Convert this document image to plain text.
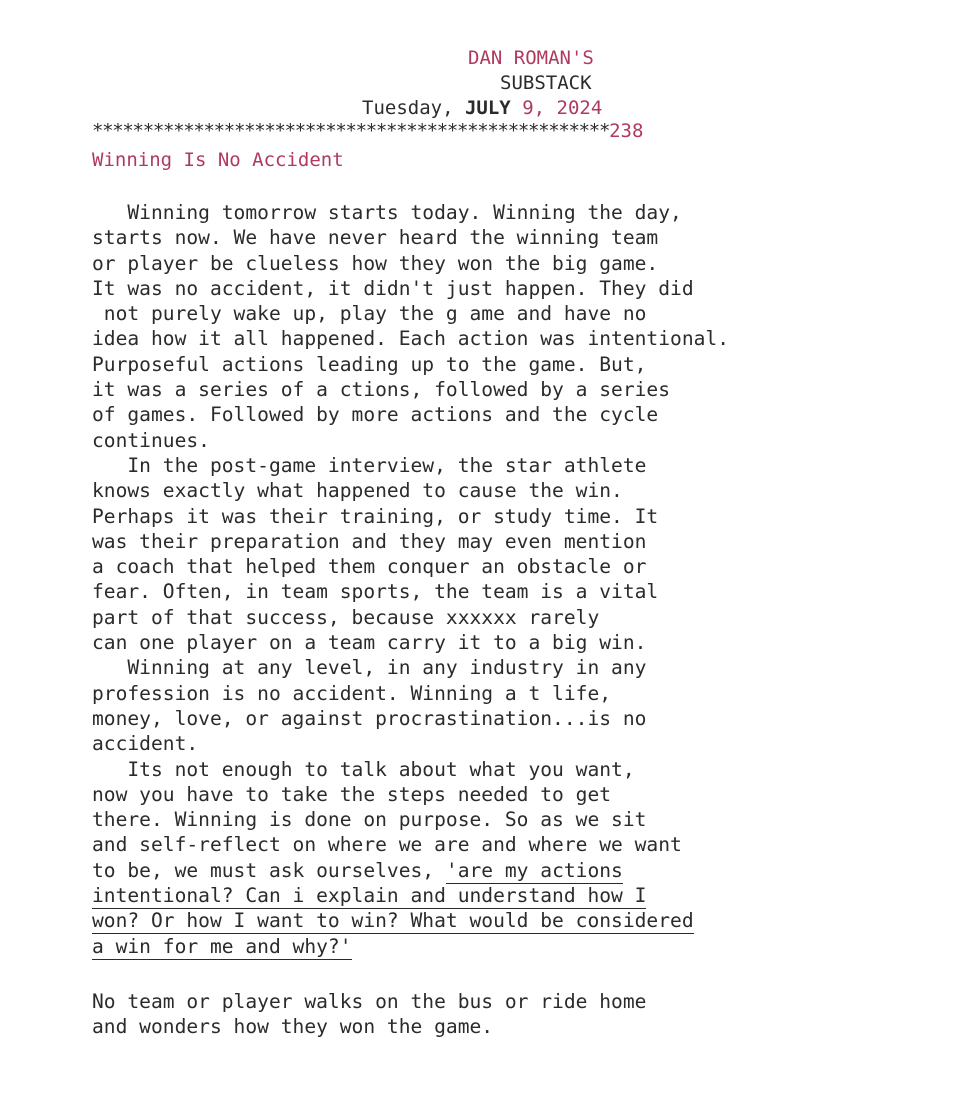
DAN ROMAN'S
SUBSTACK
Tuesday, JULY 9, 2024
***************************************************238
Winning Is No Accident
Winning tomorrow starts today. Winning the day,
starts now. We have never heard the winning team
or player be clueless how they won the big game.
It was no accident, it didn't just happen. They did
not purely wake up, play the g ame and have no
idea how it all happened. Each action was intentional.
Purposeful actions leading up to the game. But,
it was a series of a ctions, followed by a series
of games. Followed by more actions and the cycle
continues.
In the post-game interview, the star athlete
knows exactly what happened to cause the win.
Perhaps it was their training, or study time. It
was their preparation and they may even mention
a coach that helped them conquer an obstacle or
fear. Often, in team sports, the team is a vital
part of that success, because xxxxxx rarely
can one player on a team carry it to a big win.
Winning at any level, in any industry in any
profession is no accident. Winning a t life,
money, love, or against procrastination...is no
accident.
Its not enough to talk about what you want,
now you have to take the steps needed to get
there. Winning is done on purpose. So as we sit
and self-reflect on where we are and where we want
to be, we must ask ourselves, 'are my actions
intentional? Can i explain and understand how I
won? Or how I want to win? What would be considered
a win for me and why?'
No team or player walks on the bus or ride home
and wonders how they won the game.
